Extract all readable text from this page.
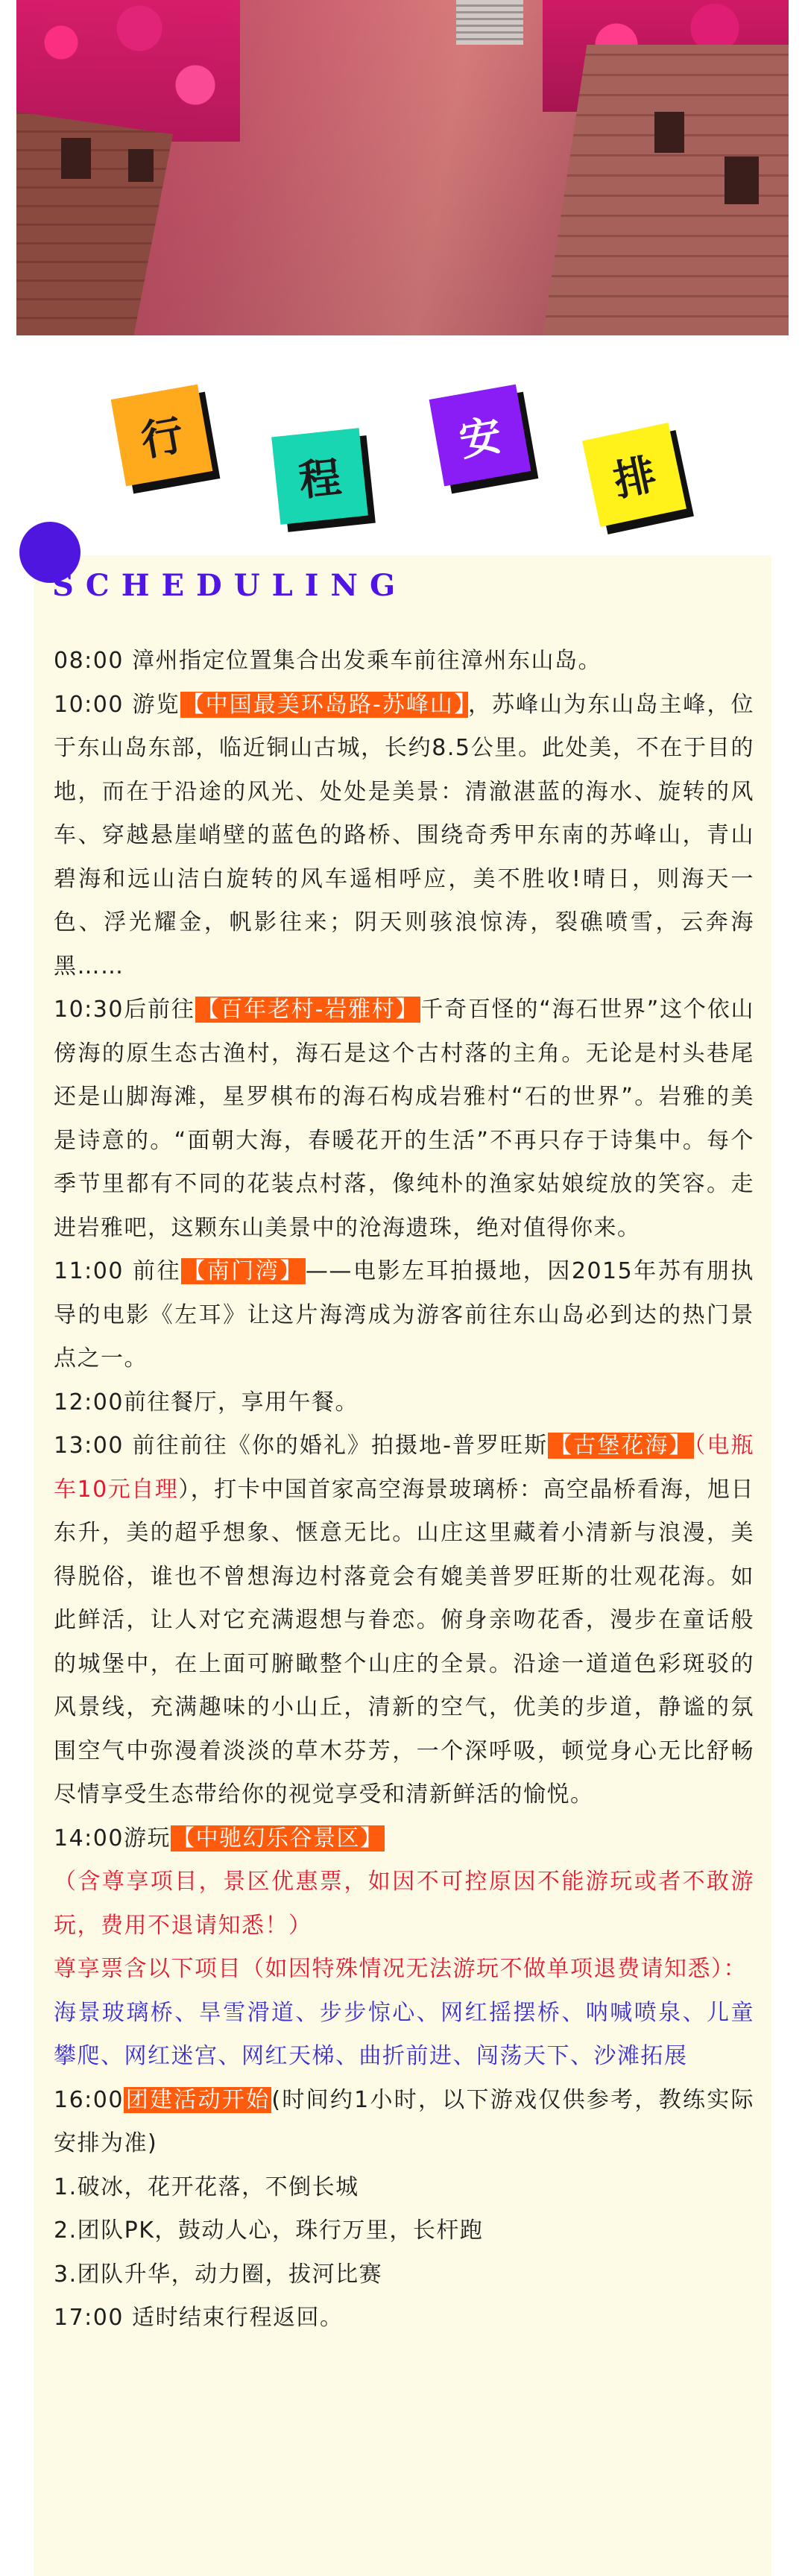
行
程
安
排
SCHEDULING

08:00 漳州指定位置集合出发乘车前往漳州东山岛。

10:00 游览【中国最美环岛路-苏峰山】，苏峰山为东山岛主峰，位于东山岛东部，临近铜山古城，长约8.5公里。此处美，不在于目的地，而在于沿途的风光、处处是美景：清澈湛蓝的海水、旋转的风车、穿越悬崖峭壁的蓝色的路桥、围绕奇秀甲东南的苏峰山，青山碧海和远山洁白旋转的风车遥相呼应，美不胜收!晴日，则海天一色、浮光耀金，帆影往来；阴天则骇浪惊涛，裂礁喷雪，云奔海黑……

10:30后前往【百年老村-岩雅村】千奇百怪的“海石世界”这个依山傍海的原生态古渔村，海石是这个古村落的主角。无论是村头巷尾还是山脚海滩，星罗棋布的海石构成岩雅村“石的世界”。岩雅的美是诗意的。“面朝大海，春暖花开的生活”不再只存于诗集中。每个季节里都有不同的花装点村落，像纯朴的渔家姑娘绽放的笑容。走进岩雅吧，这颗东山美景中的沧海遗珠，绝对值得你来。

11:00 前往【南门湾】——电影左耳拍摄地，因2015年苏有朋执导的电影《左耳》让这片海湾成为游客前往东山岛必到达的热门景点之一。

12:00前往餐厅，享用午餐。

13:00 前往前往《你的婚礼》拍摄地-普罗旺斯【古堡花海】（电瓶车10元自理），打卡中国首家高空海景玻璃桥：高空晶桥看海，旭日东升，美的超乎想象、惬意无比。山庄这里藏着小清新与浪漫，美得脱俗，谁也不曾想海边村落竟会有媲美普罗旺斯的壮观花海。如此鲜活，让人对它充满遐想与眷恋。俯身亲吻花香，漫步在童话般的城堡中，在上面可腑瞰整个山庄的全景。沿途一道道色彩斑驳的风景线，充满趣味的小山丘，清新的空气，优美的步道，静谧的氛围空气中弥漫着淡淡的草木芬芳，一个深呼吸，顿觉身心无比舒畅尽情享受生态带给你的视觉享受和清新鲜活的愉悦。

14:00游玩【中驰幻乐谷景区】

（含尊享项目，景区优惠票，如因不可控原因不能游玩或者不敢游玩，费用不退请知悉！）

尊享票含以下项目（如因特殊情况无法游玩不做单项退费请知悉）：

海景玻璃桥、旱雪滑道、步步惊心、网红摇摆桥、呐喊喷泉、儿童攀爬、网红迷宫、网红天梯、曲折前进、闯荡天下、沙滩拓展

16:00团建活动开始(时间约1小时，以下游戏仅供参考，教练实际安排为准)

1.破冰，花开花落，不倒长城

2.团队PK，鼓动人心，珠行万里，长杆跑

3.团队升华，动力圈，拔河比赛

17:00 适时结束行程返回。
